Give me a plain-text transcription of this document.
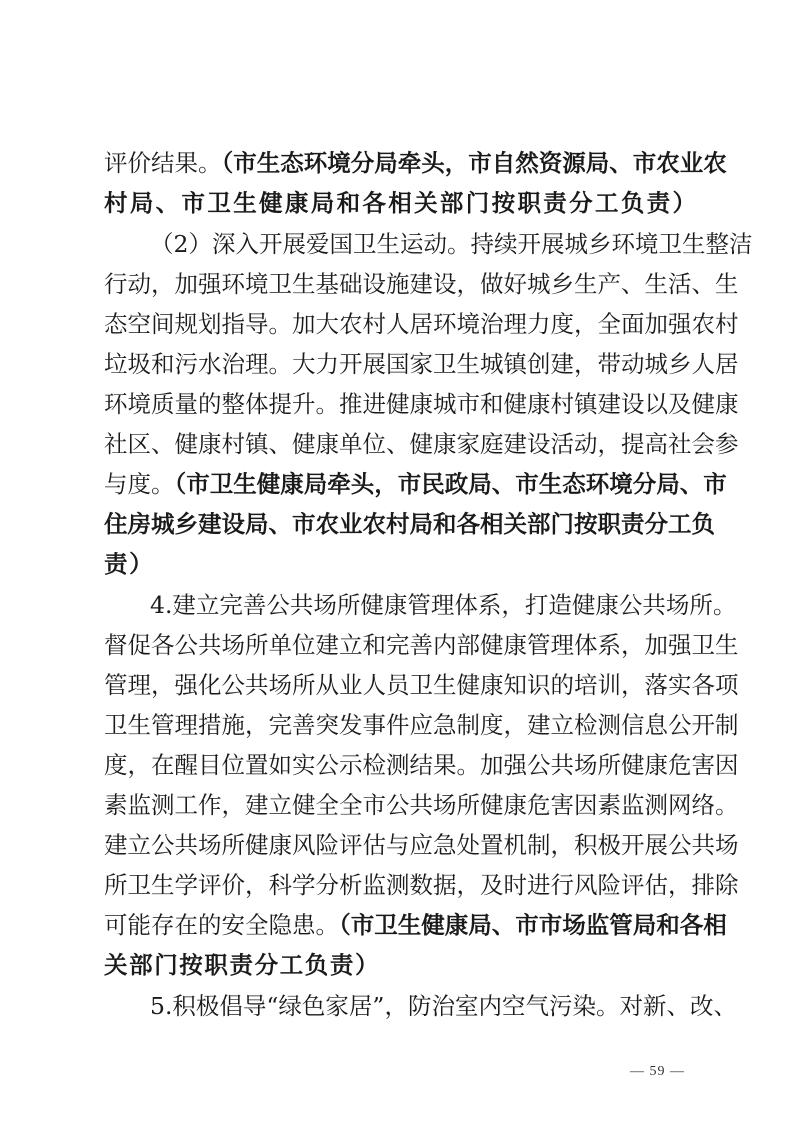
评价结果。（市生态环境分局牵头，市自然资源局、市农业农
村局、市卫生健康局和各相关部门按职责分工负责）
（2）深入开展爱国卫生运动。持续开展城乡环境卫生整洁
行动，加强环境卫生基础设施建设，做好城乡生产、生活、生
态空间规划指导。加大农村人居环境治理力度，全面加强农村
垃圾和污水治理。大力开展国家卫生城镇创建，带动城乡人居
环境质量的整体提升。推进健康城市和健康村镇建设以及健康
社区、健康村镇、健康单位、健康家庭建设活动，提高社会参
与度。（市卫生健康局牵头，市民政局、市生态环境分局、市
住房城乡建设局、市农业农村局和各相关部门按职责分工负
责）
4.建立完善公共场所健康管理体系，打造健康公共场所。
督促各公共场所单位建立和完善内部健康管理体系，加强卫生
管理，强化公共场所从业人员卫生健康知识的培训，落实各项
卫生管理措施，完善突发事件应急制度，建立检测信息公开制
度，在醒目位置如实公示检测结果。加强公共场所健康危害因
素监测工作，建立健全全市公共场所健康危害因素监测网络。
建立公共场所健康风险评估与应急处置机制，积极开展公共场
所卫生学评价，科学分析监测数据，及时进行风险评估，排除
可能存在的安全隐患。（市卫生健康局、市市场监管局和各相
关部门按职责分工负责）
5.积极倡导“绿色家居”，防治室内空气污染。对新、改、
— 59 —
